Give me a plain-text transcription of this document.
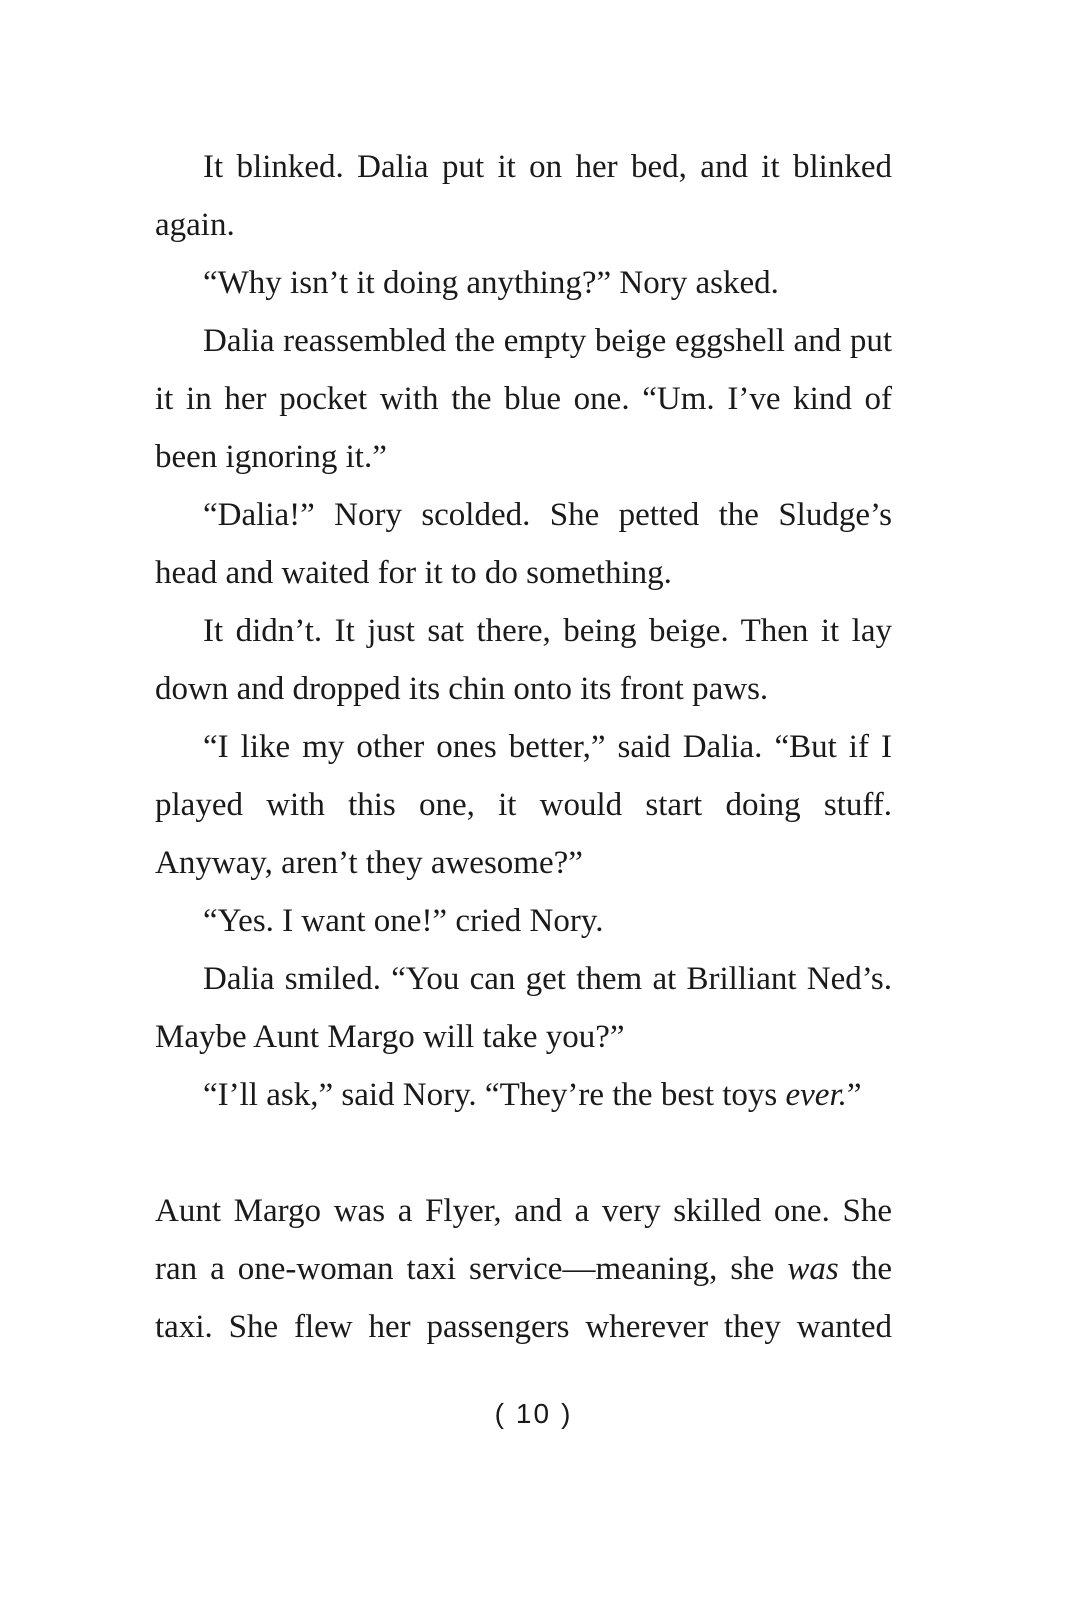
It blinked. Dalia put it on her bed, and it blinked again.

“Why isn’t it doing anything?” Nory asked.

Dalia reassembled the empty beige eggshell and put it in her pocket with the blue one. “Um. I’ve kind of been ignoring it.”

“Dalia!” Nory scolded. She petted the Sludge’s head and waited for it to do something.

It didn’t. It just sat there, being beige. Then it lay down and dropped its chin onto its front paws.

“I like my other ones better,” said Dalia. “But if I played with this one, it would start doing stuff. Anyway, aren’t they awesome?”

“Yes. I want one!” cried Nory.

Dalia smiled. “You can get them at Brilliant Ned’s. Maybe Aunt Margo will take you?”

“I’ll ask,” said Nory. “They’re the best toys ever.”

Aunt Margo was a Flyer, and a very skilled one. She ran a one-woman taxi service—meaning, she was the taxi. She flew her passengers wherever they wanted

( 10 )
